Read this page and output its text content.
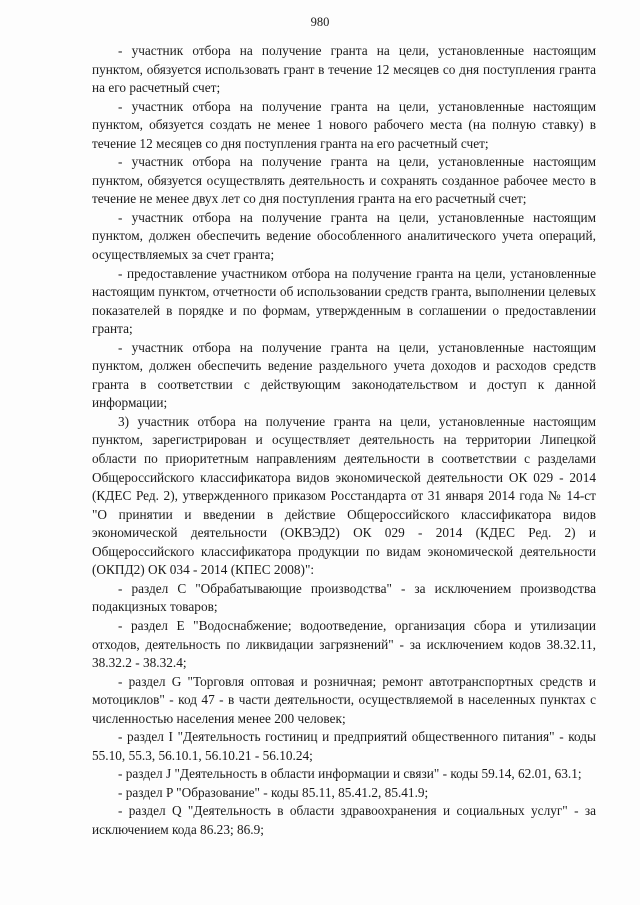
980

- участник отбора на получение гранта на цели, установленные настоящим пунктом, обязуется использовать грант в течение 12 месяцев со дня поступления гранта на его расчетный счет;

- участник отбора на получение гранта на цели, установленные настоящим пунктом, обязуется создать не менее 1 нового рабочего места (на полную ставку) в течение 12 месяцев со дня поступления гранта на его расчетный счет;

- участник отбора на получение гранта на цели, установленные настоящим пунктом, обязуется осуществлять деятельность и сохранять созданное рабочее место в течение не менее двух лет со дня поступления гранта на его расчетный счет;

- участник отбора на получение гранта на цели, установленные настоящим пунктом, должен обеспечить ведение обособленного аналитического учета операций, осуществляемых за счет гранта;

- предоставление участником отбора на получение гранта на цели, установленные настоящим пунктом, отчетности об использовании средств гранта, выполнении целевых показателей в порядке и по формам, утвержденным в соглашении о предоставлении гранта;

- участник отбора на получение гранта на цели, установленные настоящим пунктом, должен обеспечить ведение раздельного учета доходов и расходов средств гранта в соответствии с действующим законодательством и доступ к данной информации;

3) участник отбора на получение гранта на цели, установленные настоящим пунктом, зарегистрирован и осуществляет деятельность на территории Липецкой области по приоритетным направлениям деятельности в соответствии с разделами Общероссийского классификатора видов экономической деятельности ОК 029 - 2014 (КДЕС Ред. 2), утвержденного приказом Росстандарта от 31 января 2014 года № 14-ст "О принятии и введении в действие Общероссийского классификатора видов экономической деятельности (ОКВЭД2) ОК 029 - 2014 (КДЕС Ред. 2) и Общероссийского классификатора продукции по видам экономической деятельности (ОКПД2) ОК 034 - 2014 (КПЕС 2008)":

- раздел С "Обрабатывающие производства" - за исключением производства подакцизных товаров;

- раздел E "Водоснабжение; водоотведение, организация сбора и утилизации отходов, деятельность по ликвидации загрязнений" - за исключением кодов 38.32.11, 38.32.2 - 38.32.4;

- раздел G "Торговля оптовая и розничная; ремонт автотранспортных средств и мотоциклов" - код 47 - в части деятельности, осуществляемой в населенных пунктах с численностью населения менее 200 человек;

- раздел I "Деятельность гостиниц и предприятий общественного питания" - коды 55.10, 55.3, 56.10.1, 56.10.21 - 56.10.24;

- раздел J "Деятельность в области информации и связи" - коды 59.14, 62.01, 63.1;

- раздел P "Образование" - коды 85.11, 85.41.2, 85.41.9;

- раздел Q "Деятельность в области здравоохранения и социальных услуг" - за исключением кода 86.23; 86.9;
